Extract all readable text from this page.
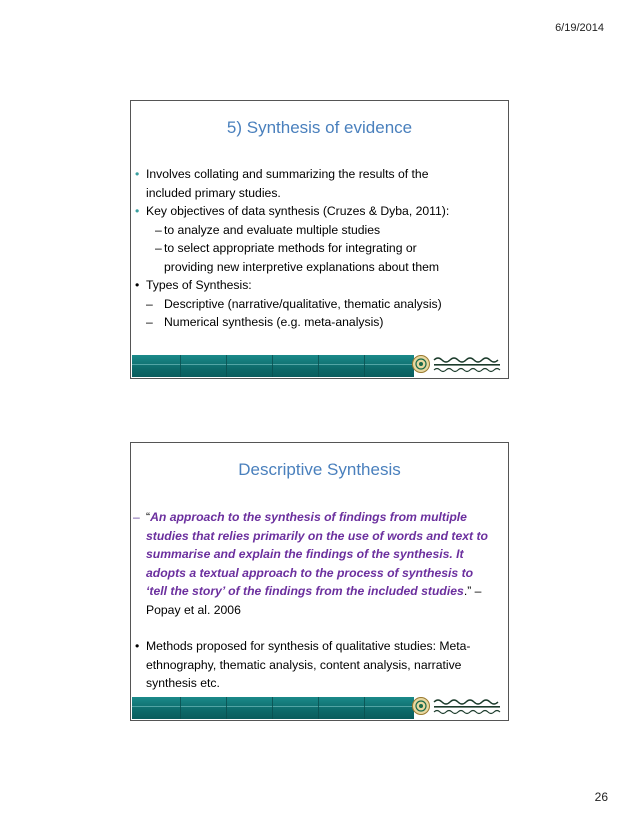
6/19/2014
5) Synthesis of evidence

• Involves collating and summarizing the results of the
included primary studies.

• Key objectives of data synthesis (Cruzes & Dyba, 2011):

– to analyze and evaluate multiple studies

– to select appropriate methods for integrating or
providing new interpretive explanations about them

• Types of Synthesis:

– Descriptive (narrative/qualitative, thematic analysis)

– Numerical synthesis (e.g. meta-analysis)

Descriptive Synthesis

– “An approach to the synthesis of findings from multiple
studies that relies primarily on the use of words and text to
summarise and explain the findings of the synthesis. It
adopts a textual approach to the process of synthesis to
‘tell the story’ of the findings from the included studies.” –
Popay et al. 2006

• Methods proposed for synthesis of qualitative studies: Meta-
ethnography, thematic analysis, content analysis, narrative
synthesis etc.

26
